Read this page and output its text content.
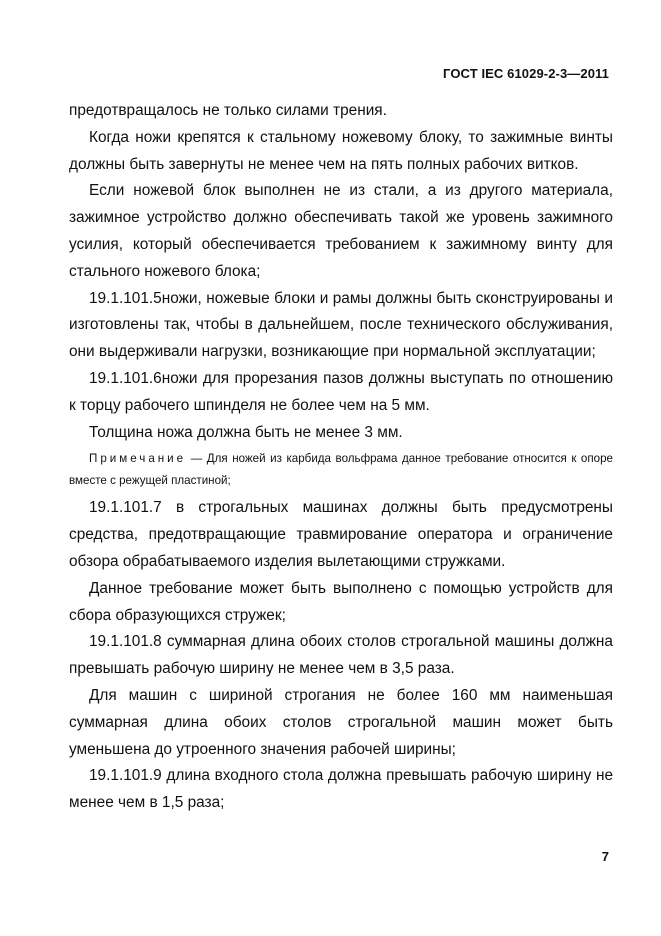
ГОСТ IEC 61029-2-3—2011

предотвращалось не только силами трения.

Когда ножи крепятся к стальному ножевому блоку, то зажимные винты должны быть завернуты не менее чем на пять полных рабочих витков.

Если ножевой блок выполнен не из стали, а из другого материала, зажимное устройство должно обеспечивать такой же уровень зажимного усилия, который обеспечивается требованием к зажимному винту для стального ножевого блока;

19.1.101.5ножи, ножевые блоки и рамы должны быть сконструированы и изготовлены так, чтобы в дальнейшем, после технического обслуживания, они выдерживали нагрузки, возникающие при нормальной эксплуатации;

19.1.101.6ножи для прорезания пазов должны выступать по отношению к торцу рабочего шпинделя не более чем на 5 мм.

Толщина ножа должна быть не менее 3 мм.

Примечание — Для ножей из карбида вольфрама данное требование относится к опоре вместе с режущей пластиной;

19.1.101.7 в строгальных машинах должны быть предусмотрены средства, предотвращающие травмирование оператора и ограничение обзора обрабатываемого изделия вылетающими стружками.

Данное требование может быть выполнено с помощью устройств для сбора образующихся стружек;

19.1.101.8 суммарная длина обоих столов строгальной машины должна превышать рабочую ширину не менее чем в 3,5 раза.

Для машин с шириной строгания не более 160 мм наименьшая суммарная длина обоих столов строгальной машин может быть уменьшена до утроенного значения рабочей ширины;

19.1.101.9 длина входного стола должна превышать рабочую ширину не менее чем в 1,5 раза;

7
